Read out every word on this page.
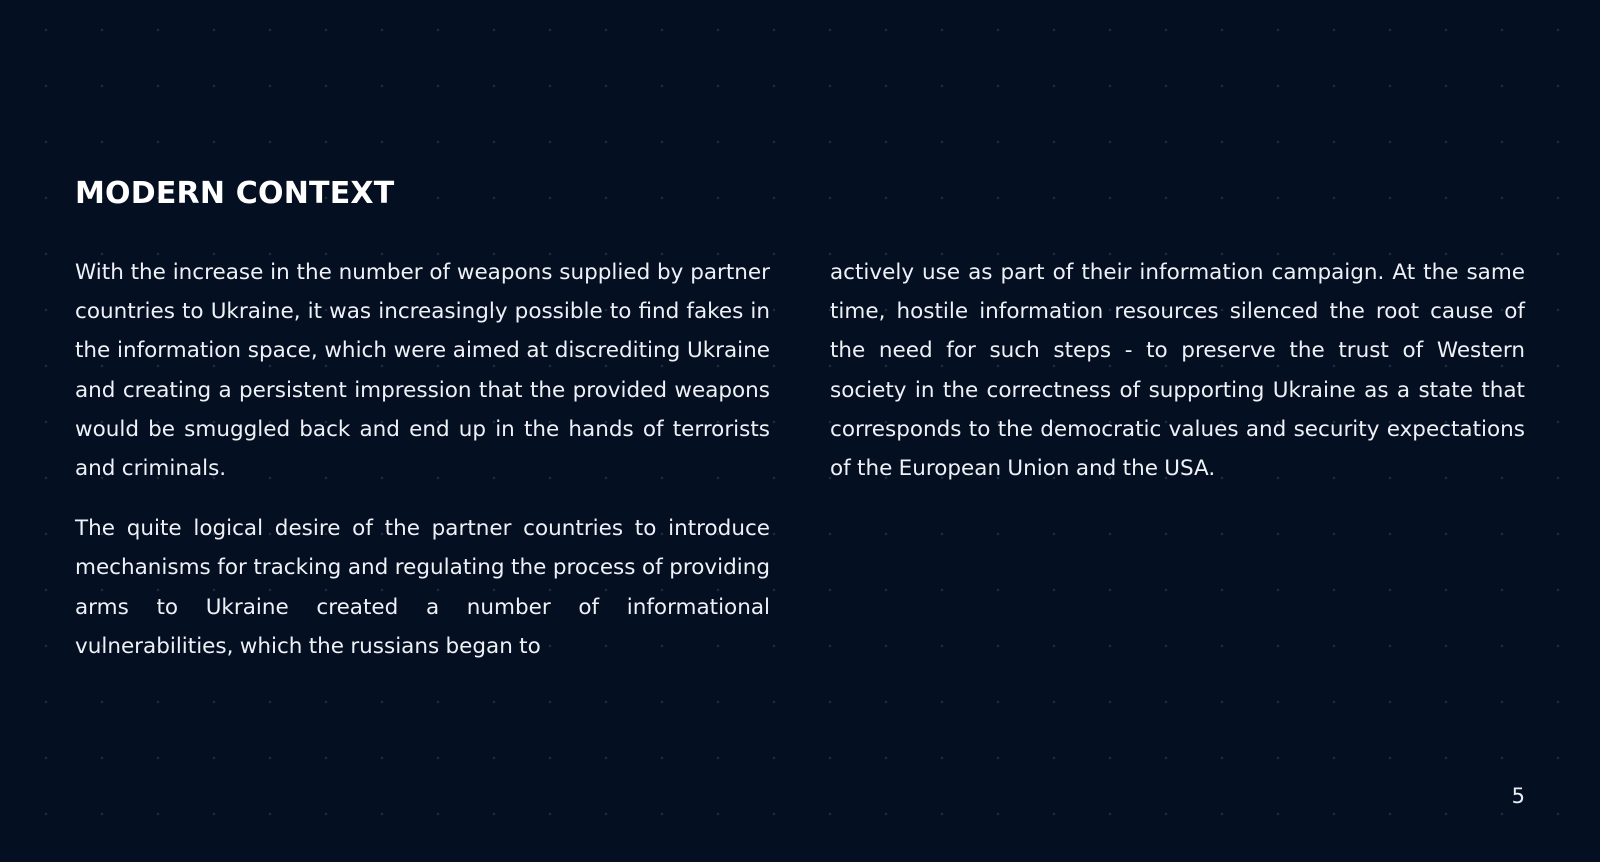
MODERN CONTEXT

With the increase in the number of weapons supplied by partner countries to Ukraine, it was increasingly possible to find fakes in the information space, which were aimed at discrediting Ukraine and creating a persistent impression that the provided weapons would be smuggled back and end up in the hands of terrorists and criminals.

The quite logical desire of the partner countries to introduce mechanisms for tracking and regulating the process of providing arms to Ukraine created a number of informational vulnerabilities, which the russians began to

actively use as part of their information campaign. At the same time, hostile information resources silenced the root cause of the need for such steps - to preserve the trust of Western society in the correctness of supporting Ukraine as a state that corresponds to the democratic values and security expectations of the European Union and the USA.

5
